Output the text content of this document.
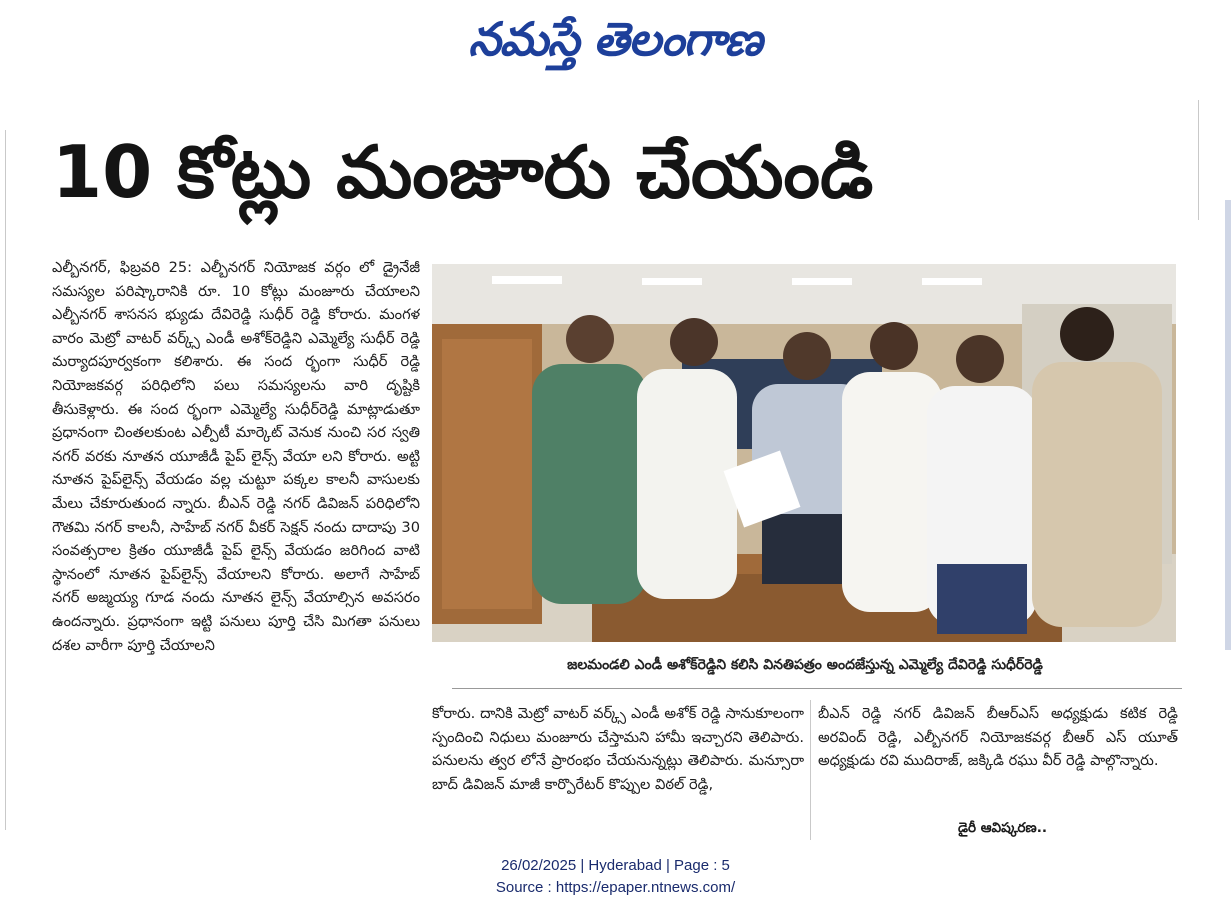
నమస్తే తెలంగాణ
10 కోట్లు మంజూరు చేయండి

ఎల్బీనగర్, ఫిబ్రవరి 25: ఎల్బీనగర్ నియోజక వర్గం లో డ్రైనేజీ సమస్యల పరిష్కారానికి రూ. 10 కోట్లు మంజూరు చేయాలని ఎల్బీనగర్ శాసనస భ్యుడు దేవిరెడ్డి సుధీర్ రెడ్డి కోరారు. మంగళ వారం మెట్రో వాటర్ వర్క్స్ ఎండీ అశోక్‌రెడ్డిని ఎమ్మెల్యే సుధీర్ రెడ్డి మర్యాదపూర్వకంగా కలిశారు. ఈ సంద ర్భంగా సుధీర్ రెడ్డి నియోజకవర్గ పరిధిలోని పలు సమస్యలను వారి దృష్టికి తీసుకెళ్లారు. ఈ సంద ర్భంగా ఎమ్మెల్యే సుధీర్‌రెడ్డి మాట్లాడుతూ ప్రధానంగా చింతలకుంట ఎల్పీటీ మార్కెట్ వెనుక నుంచి సర స్వతి నగర్ వరకు నూతన యూజీడీ పైప్ లైన్స్ వేయా లని కోరారు. అట్టి నూతన పైప్‌లైన్స్ వేయడం వల్ల చుట్టూ పక్కల కాలనీ వాసులకు మేలు చేకూరుతుంద న్నారు. బీఎన్ రెడ్డి నగర్ డివిజన్ పరిధిలోని గౌతమి నగర్ కాలనీ, సాహేబ్ నగర్ వీకర్ సెక్షన్ నందు దాదాపు 30 సంవత్సరాల క్రితం యూజీడీ పైప్ లైన్స్ వేయడం జరిగింద వాటి స్థానంలో నూతన పైప్‌లైన్స్ వేయాలని కోరారు. అలాగే సాహేబ్ నగర్ అజ్మయ్య గూడ నందు నూతన లైన్స్ వేయాల్సిన అవసరం ఉందన్నారు. ప్రధానంగా ఇట్టి పనులు పూర్తి చేసి మిగతా పనులు దశల వారీగా పూర్తి చేయాలని

జలమండలి ఎండీ అశోక్‌రెడ్డిని కలిసి వినతిపత్రం అందజేస్తున్న ఎమ్మెల్యే దేవిరెడ్డి సుధీర్‌రెడ్డి

కోరారు. దానికి మెట్రో వాటర్ వర్క్స్ ఎండీ అశోక్ రెడ్డి సానుకూలంగా స్పందించి నిధులు మంజూరు చేస్తామని హామీ ఇచ్చారని తెలిపారు. పనులను త్వర లోనే ప్రారంభం చేయనున్నట్లు తెలిపారు. మన్సూరా బాద్ డివిజన్ మాజీ కార్పొరేటర్ కొప్పుల విఠల్ రెడ్డి,

బీఎన్ రెడ్డి నగర్ డివిజన్ బీఆర్ఎస్ అధ్యక్షుడు కటిక రెడ్డి అరవింద్ రెడ్డి, ఎల్బీనగర్ నియోజకవర్గ బీఆర్ ఎస్ యూత్ అధ్యక్షుడు రవి ముదిరాజ్, జక్కిడి రఘు వీర్ రెడ్డి పాల్గొన్నారు.

డైరీ ఆవిష్కరణ..
26/02/2025 | Hyderabad | Page : 5
Source : https://epaper.ntnews.com/
